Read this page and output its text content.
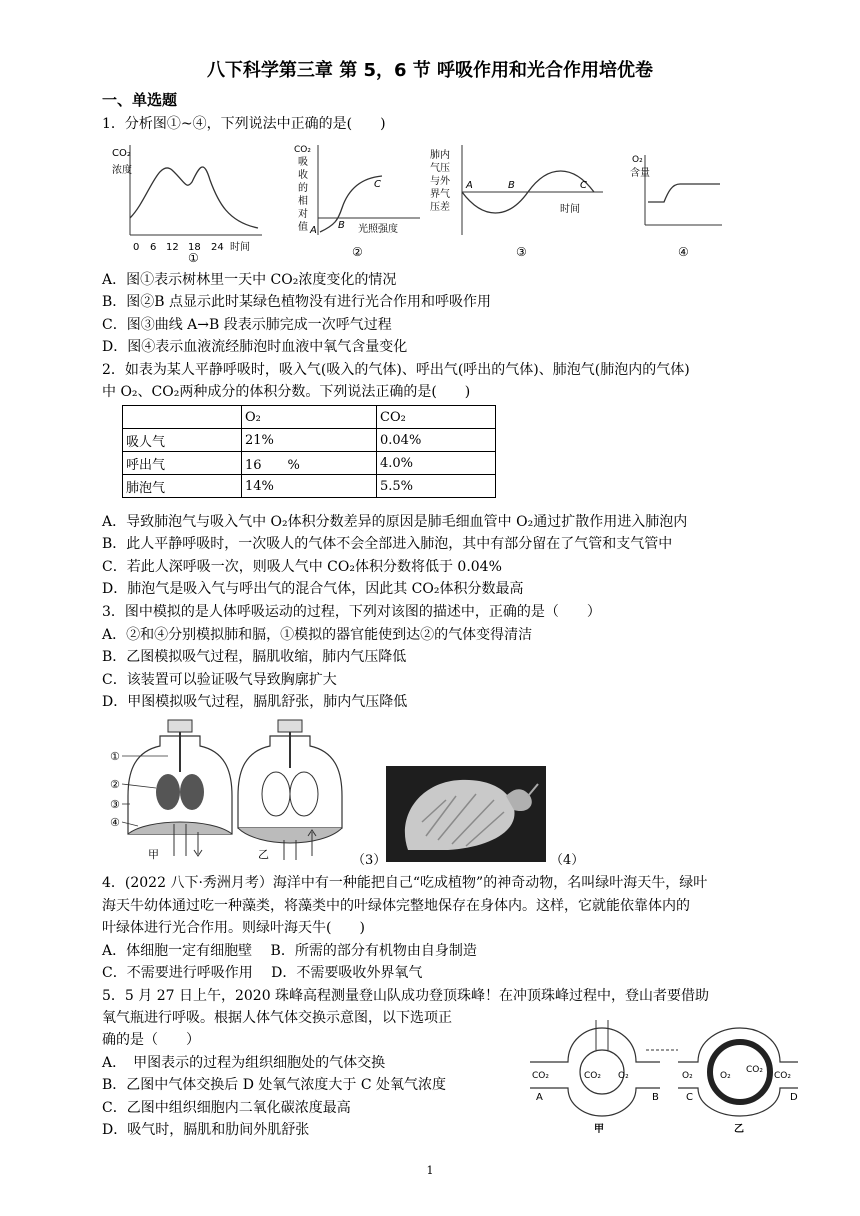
八下科学第三章 第 5，6 节 呼吸作用和光合作用培优卷
一、单选题
1．分析图①~④，下列说法中正确的是(　　)
CO₂
浓度
0 6 12 18 24 时间
①
CO₂
吸
收
的
相
对
值 A B
C
光照强度
②
肺内
气压
与外
界气
压差
A	B	C
时间
③
O₂
含量
④
A．图①表示树林里一天中 CO₂浓度变化的情况
B．图②B 点显示此时某绿色植物没有进行光合作用和呼吸作用
C．图③曲线 A→B 段表示肺完成一次呼气过程
D．图④表示血液流经肺泡时血液中氧气含量变化
2．如表为某人平静呼吸时，吸入气(吸入的气体)、呼出气(呼出的气体)、肺泡气(肺泡内的气体)
中 O₂、CO₂两种成分的体积分数。下列说法正确的是(　　)
	O₂	CO₂
吸人气	21%	0.04%
呼出气	16　　%	4.0%
肺泡气	14%	5.5%
A．导致肺泡气与吸入气中 O₂体积分数差异的原因是肺毛细血管中 O₂通过扩散作用进入肺泡内
B．此人平静呼吸时，一次吸人的气体不会全部进入肺泡，其中有部分留在了气管和支气管中
C．若此人深呼吸一次，则吸人气中 CO₂体积分数将低于 0.04%
D．肺泡气是吸入气与呼出气的混合气体，因此其 CO₂体积分数最高
3．图中模拟的是人体呼吸运动的过程，下列对该图的描述中，正确的是（　　）
A．②和④分别模拟肺和膈，①模拟的器官能使到达②的气体变得清洁
B．乙图模拟吸气过程，膈肌收缩，肺内气压降低
C．该装置可以验证吸气导致胸廓扩大
D．甲图模拟吸气过程，膈肌舒张，肺内气压降低
甲
①
②
③
④
乙	（3）	（4）
4．(2022 八下·秀洲月考）海洋中有一种能把自己“吃成植物”的神奇动物，名叫绿叶海天牛，绿叶
海天牛幼体通过吃一种藻类，将藻类中的叶绿体完整地保存在身体内。这样，它就能依靠体内的
叶绿体进行光合作用。则绿叶海天牛(　　)
A．体细胞一定有细胞壁　 B．所需的部分有机物由自身制造
C．不需要进行呼吸作用　 D．不需要吸收外界氧气
5．5 月 27 日上午，2020 珠峰高程测量登山队成功登顶珠峰！在冲顶珠峰过程中，登山者要借助
氧气瓶进行呼吸。根据人体气体交换示意图，以下选项正
确的是（　　）
A．　甲图表示的过程为组织细胞处的气体交换
B．乙图中气体交换后 D 处氧气浓度大于 C 处氧气浓度
C．乙图中组织细胞内二氧化碳浓度最高
D．吸气时，膈肌和肋间外肌舒张
CO₂	CO₂ O₂
A	B
甲
O₂	O₂
CO₂
CO₂
C	D
乙
1
